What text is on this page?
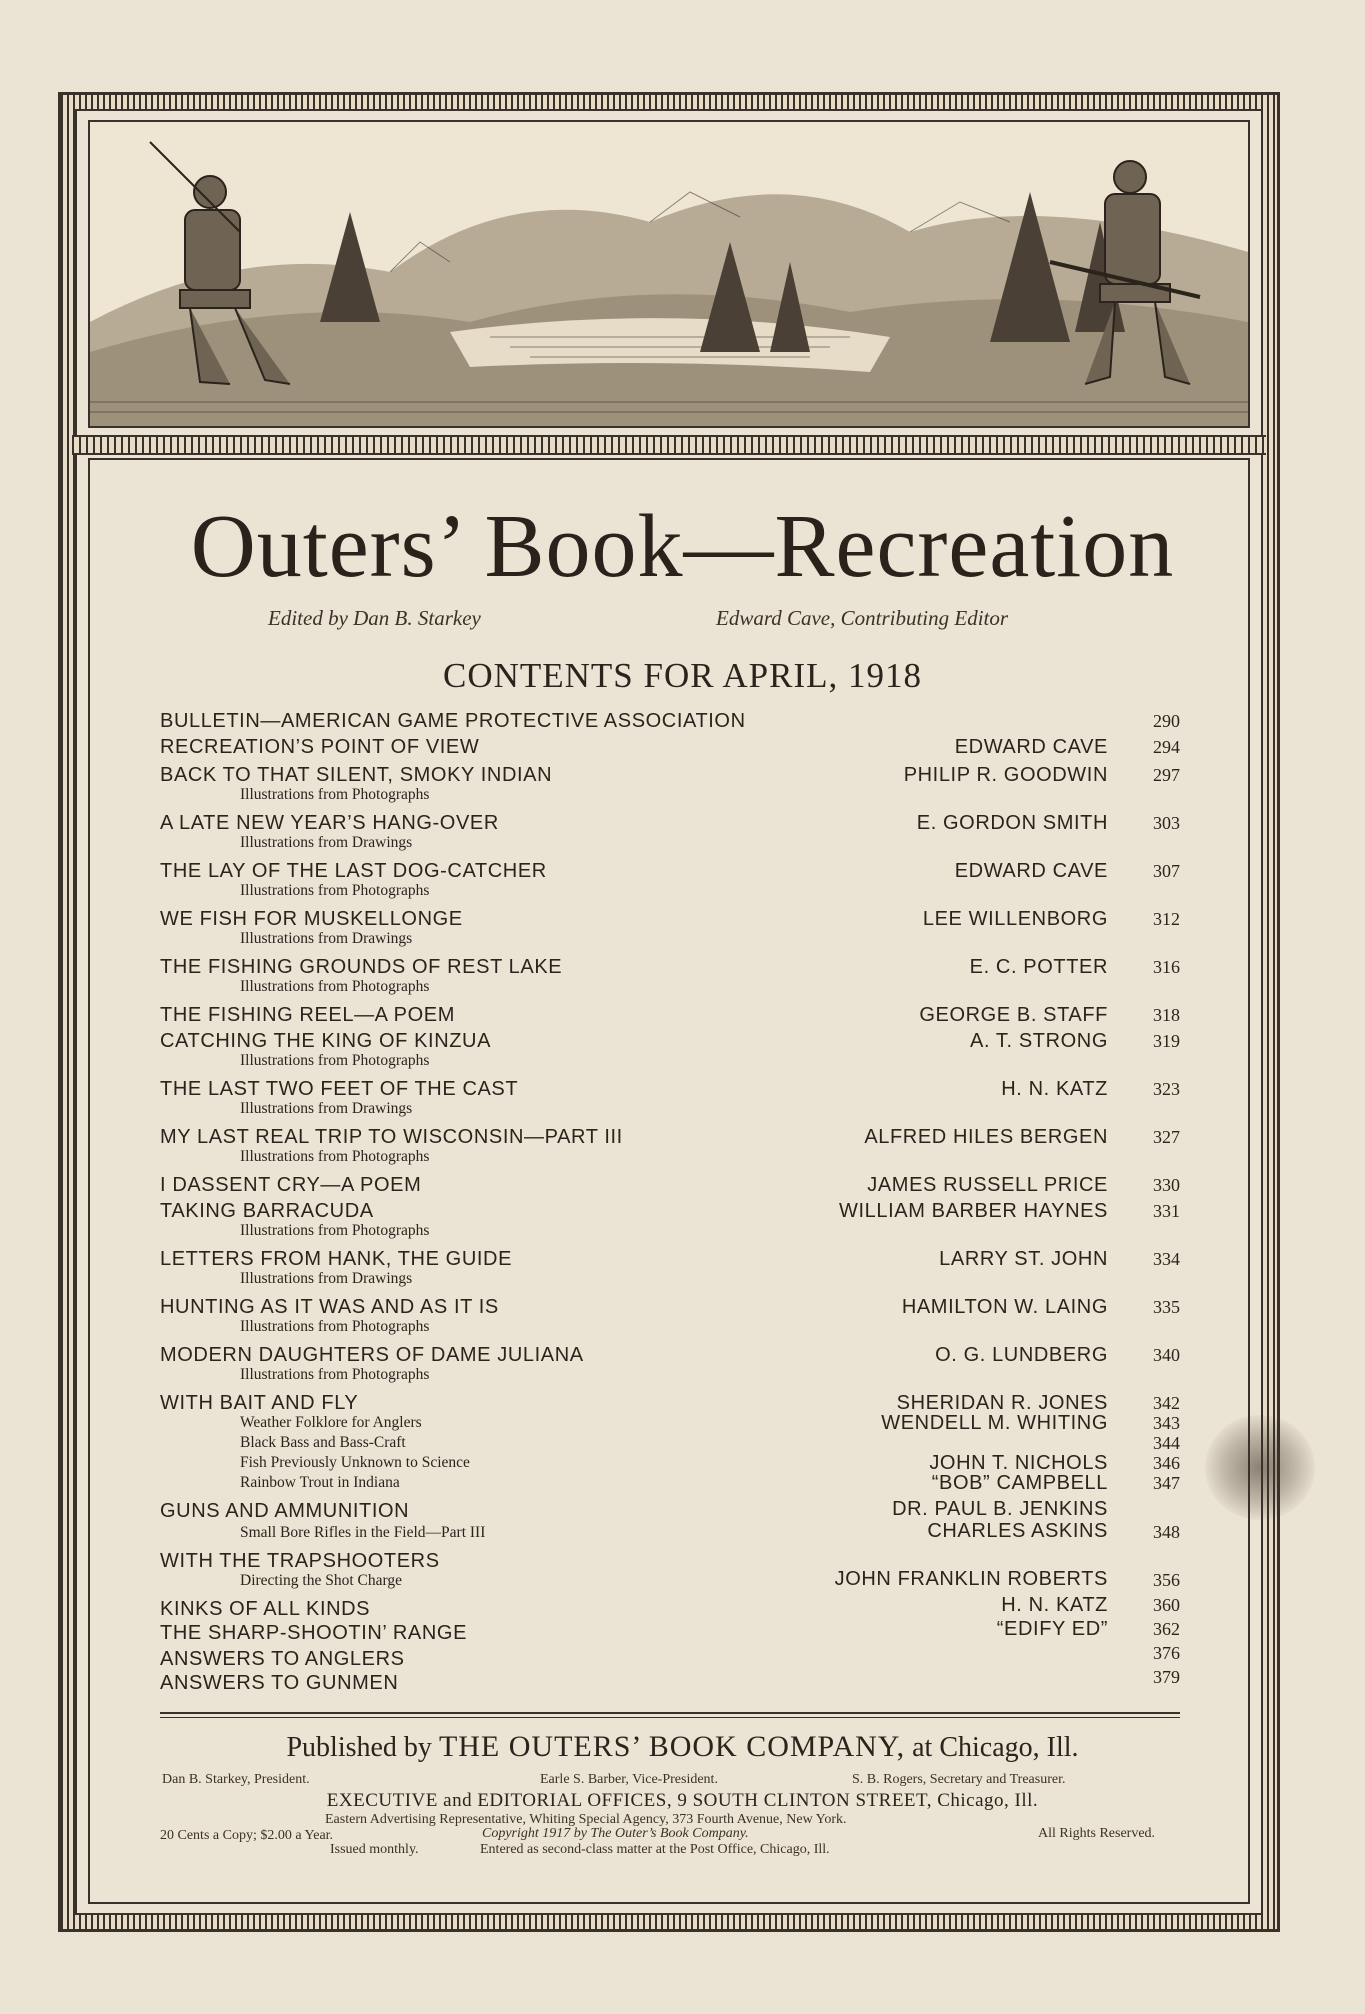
Outers’ Book—Recreation
Edited by Dan B. Starkey	Edward Cave, Contributing Editor
CONTENTS FOR APRIL, 1918
BULLETIN—AMERICAN GAME PROTECTIVE ASSOCIATION	290
RECREATION’S POINT OF VIEW	EDWARD CAVE	294
BACK TO THAT SILENT, SMOKY INDIAN
Illustrations from Photographs
PHILIP R. GOODWIN	297
A LATE NEW YEAR’S HANG-OVER
Illustrations from Drawings
E. GORDON SMITH	303
THE LAY OF THE LAST DOG-CATCHER
Illustrations from Photographs
EDWARD CAVE	307
WE FISH FOR MUSKELLONGE
Illustrations from Drawings
LEE WILLENBORG	312
THE FISHING GROUNDS OF REST LAKE
Illustrations from Photographs
E. C. POTTER	316
THE FISHING REEL—A POEM	GEORGE B. STAFF	318
CATCHING THE KING OF KINZUA
Illustrations from Photographs
A. T. STRONG	319
THE LAST TWO FEET OF THE CAST
Illustrations from Drawings
H. N. KATZ	323
MY LAST REAL TRIP TO WISCONSIN—PART III
Illustrations from Photographs
ALFRED HILES BERGEN	327
I DASSENT CRY—A POEM	JAMES RUSSELL PRICE	330
TAKING BARRACUDA
Illustrations from Photographs
WILLIAM BARBER HAYNES	331
LETTERS FROM HANK, THE GUIDE
Illustrations from Drawings
LARRY ST. JOHN	334
HUNTING AS IT WAS AND AS IT IS
Illustrations from Photographs
HAMILTON W. LAING	335
MODERN DAUGHTERS OF DAME JULIANA
Illustrations from Photographs
O. G. LUNDBERG	340
WITH BAIT AND FLY	SHERIDAN R. JONES	342
Weather Folklore for Anglers	WENDELL M. WHITING	343
Black Bass and Bass-Craft	344
Fish Previously Unknown to Science	JOHN T. NICHOLS	346
Rainbow Trout in Indiana	“BOB” CAMPBELL	347
GUNS AND AMMUNITION	DR. PAUL B. JENKINS
Small Bore Rifles in the Field—Part III	CHARLES ASKINS	348
WITH THE TRAPSHOOTERS
Directing the Shot Charge	JOHN FRANKLIN ROBERTS	356
KINKS OF ALL KINDS	H. N. KATZ	360
THE SHARP-SHOOTIN’ RANGE	“EDIFY ED”	362
ANSWERS TO ANGLERS	376
ANSWERS TO GUNMEN	379
Published by THE OUTERS’ BOOK COMPANY, at Chicago, Ill.
Dan B. Starkey, President.	Earle S. Barber, Vice-President.	S. B. Rogers, Secretary and Treasurer.
EXECUTIVE and EDITORIAL OFFICES, 9 SOUTH CLINTON STREET, Chicago, Ill.
Eastern Advertising Representative, Whiting Special Agency, 373 Fourth Avenue, New York.
20 Cents a Copy; $2.00 a Year.	Copyright 1917 by The Outer’s Book Company.	All Rights Reserved.
Issued monthly.	Entered as second-class matter at the Post Office, Chicago, Ill.
